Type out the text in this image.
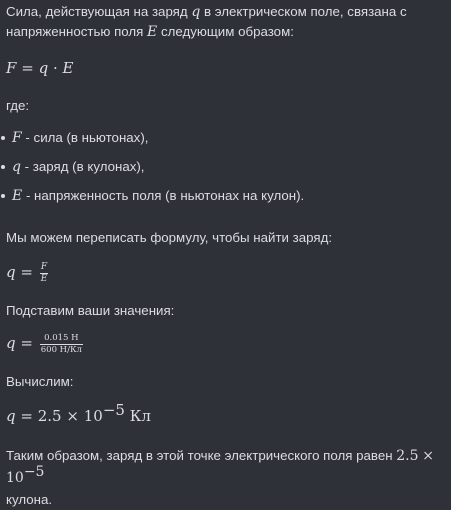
Сила, действующая на заряд q в электрическом поле, связана с напряженностью поля E следующим образом:

F = q · E

где:

F - сила (в ньютонах),
q - заряд (в кулонах),
E - напряженность поля (в ньютонах на кулон).

Мы можем переписать формулу, чтобы найти заряд:

$q = \frac{F}{E}$

Подставим ваши значения:

$q = \frac{0.015 Н}{600 Н/Кл}$

Вычислим:

$q = 2.5 \times 10^{-5}$ Кл

Таким образом, заряд в этой точке электрического поля равен $2.5 \times 10^{-5}$
кулона.
